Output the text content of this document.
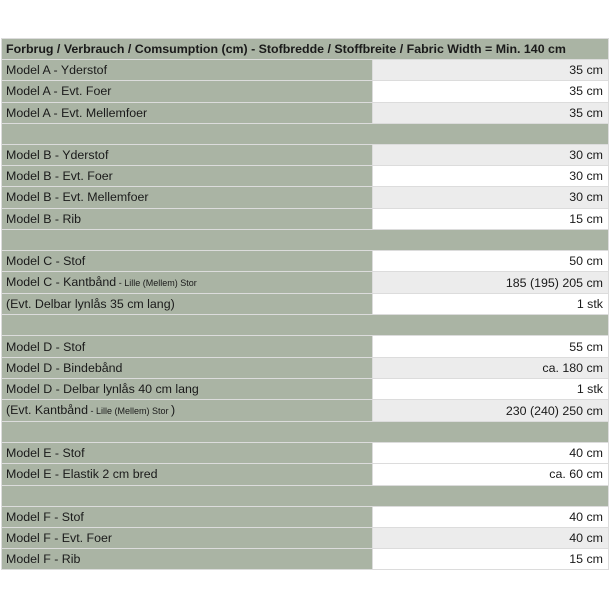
Forbrug / Verbrauch / Comsumption (cm) - Stofbredde / Stoffbreite / Fabric Width = Min. 140 cm	
Model A - Yderstof	35 cm
Model A - Evt. Foer	35 cm
Model A - Evt. Mellemfoer	35 cm

Model B - Yderstof	30 cm
Model B - Evt. Foer	30 cm
Model B - Evt. Mellemfoer	30 cm
Model B - Rib	15 cm

Model C - Stof	50 cm
Model C - Kantbånd - Lille (Mellem) Stor	185 (195) 205 cm
(Evt. Delbar lynlås 35 cm lang)	1 stk

Model D - Stof	55 cm
Model D - Bindebånd	ca. 180 cm
Model D - Delbar lynlås 40 cm lang	1 stk
(Evt. Kantbånd - Lille (Mellem) Stor )	230 (240) 250 cm

Model E - Stof	40 cm
Model E - Elastik 2 cm bred	ca. 60 cm

Model F - Stof	40 cm
Model F - Evt. Foer	40 cm
Model F - Rib	15 cm
